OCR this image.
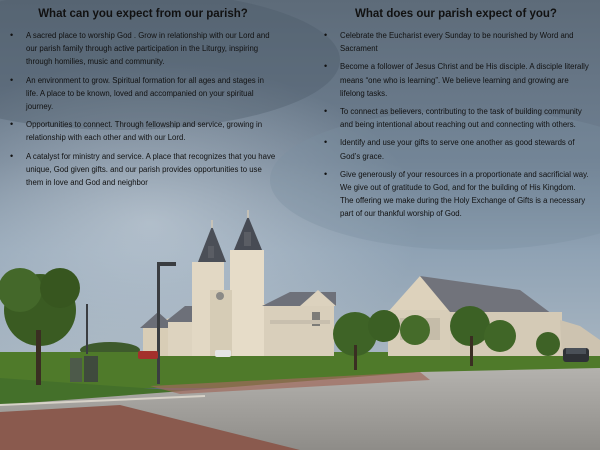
What can you expect from our parish?
• A sacred place to worship God . Grow in relationship with our Lord and our parish family through active participation in the Liturgy, inspiring through homilies, music and community.
• An environment to grow. Spiritual formation for all ages and stages in life. A place to be known, loved and accompanied on your spiritual journey.
• Opportunities to connect. Through fellowship and service, growing in relationship with each other and with our Lord.
• A catalyst for ministry and service. A place that recognizes that you have unique, God given gifts. and our parish provides opportunities to use them in love and God and neighbor
What does our parish expect of you?
• Celebrate the Eucharist every Sunday to be nourished by Word and Sacrament
• Become a follower of Jesus Christ and be His disciple. A disciple literally means “one who is learning”. We believe learning and growing are lifelong tasks.
• To connect as believers, contributing to the task of building community and being intentional about reaching out and connecting with others.
• Identify and use your gifts to serve one another as good stewards of God’s grace.
• Give generously of your resources in a proportionate and sacrificial way. We give out of gratitude to God, and for the building of His Kingdom. The offering we make during the Holy Exchange of Gifts is a necessary part of our thankful worship of God.
